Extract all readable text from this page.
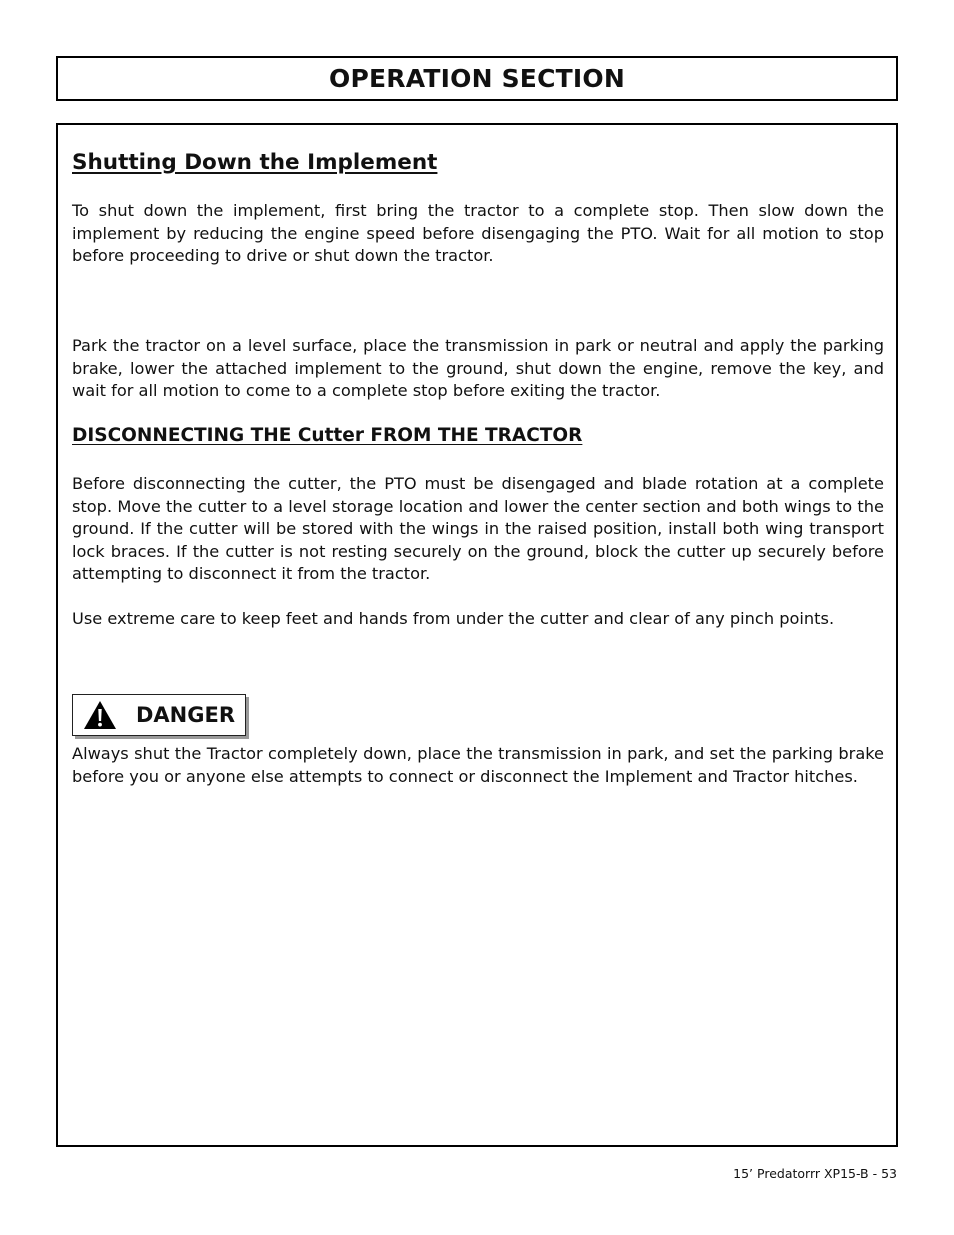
OPERATION SECTION
Shutting Down the Implement

To shut down the implement, first bring the tractor to a complete stop. Then slow down the implement by reducing the engine speed before disengaging the PTO. Wait for all motion to stop before proceeding to drive or shut down the tractor.

Park the tractor on a level surface, place the transmission in park or neutral and apply the parking brake, lower the attached implement to the ground, shut down the engine, remove the key, and wait for all motion to come to a complete stop before exiting the tractor.

DISCONNECTING THE Cutter FROM THE TRACTOR

Before disconnecting the cutter, the PTO must be disengaged and blade rotation at a complete stop. Move the cutter to a level storage location and lower the center section and both wings to the ground. If the cutter will be stored with the wings in the raised position, install both wing transport lock braces. If the cutter is not resting securely on the ground, block the cutter up securely before attempting to disconnect it from the tractor.

Use extreme care to keep feet and hands from under the cutter and clear of any pinch points.

DANGER

Always shut the Tractor completely down, place the transmission in park, and set the parking brake before you or anyone else attempts to connect or disconnect the Implement and Tractor hitches.

15’ Predatorrr XP15-B - 53
